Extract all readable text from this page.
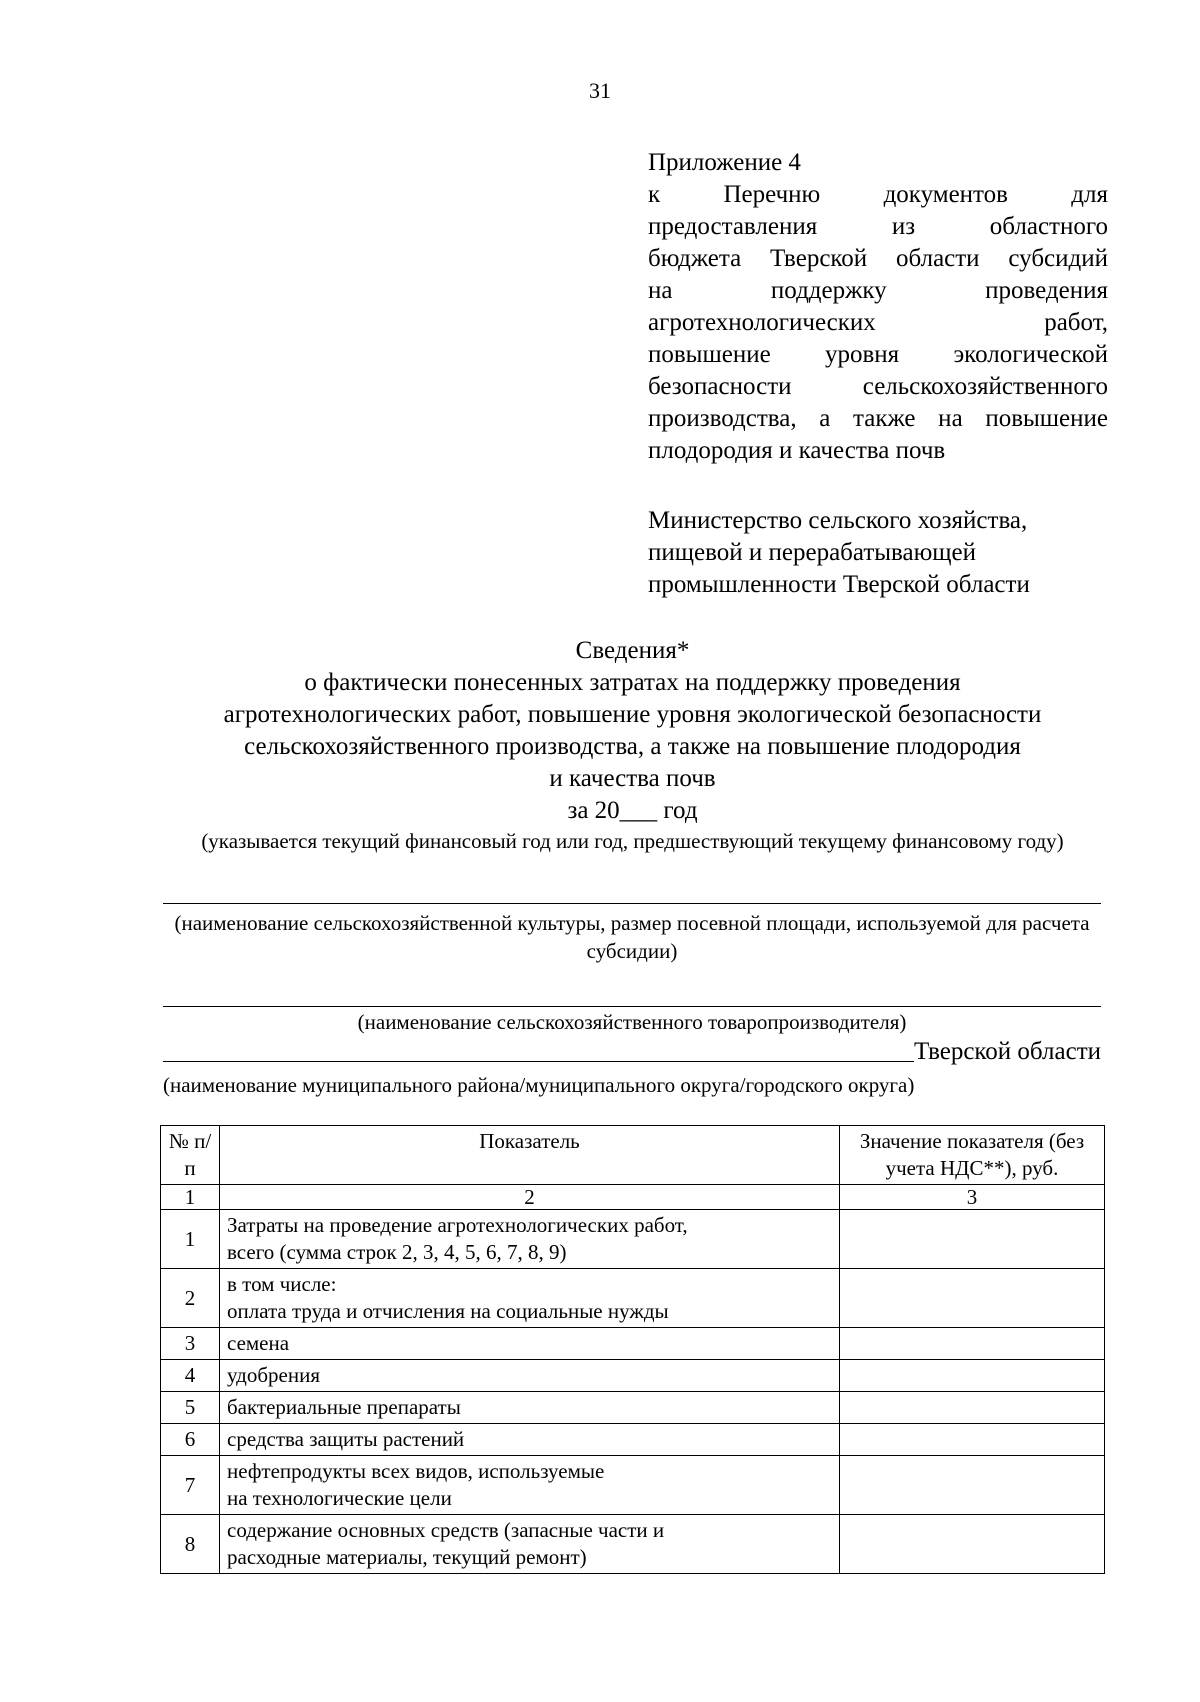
31
Приложение 4
к Перечню документов для
предоставления из областного
бюджета Тверской области субсидий
на поддержку проведения
агротехнологических работ,
повышение уровня экологической
безопасности сельскохозяйственного
производства, а также на повышение
плодородия и качества почв
Министерство сельского хозяйства,
пищевой и перерабатывающей
промышленности Тверской области
Сведения*
о фактически понесенных затратах на поддержку проведения
агротехнологических работ, повышение уровня экологической безопасности
сельскохозяйственного производства, а также на повышение плодородия
и качества почв
за 20___ год
(указывается текущий финансовый год или год, предшествующий текущему финансовому году)
(наименование сельскохозяйственной культуры, размер посевной площади, используемой для расчета субсидии)
(наименование сельскохозяйственного товаропроизводителя)
Тверской области
(наименование муниципального района/муниципального округа/городского округа)
№ п/п	Показатель	Значение показателя (без учета НДС**), руб.
1	2	3
1	Затраты на проведение агротехнологических работ,
всего (сумма строк 2, 3, 4, 5, 6, 7, 8, 9)	

2	в том числе:
оплата труда и отчисления на социальные нужды	

3	семена	
4	удобрения	
5	бактериальные препараты	
6	средства защиты растений	
7	нефтепродукты всех видов, используемые
на технологические цели	

8	содержание основных средств (запасные части и
расходные материалы, текущий ремонт)	
